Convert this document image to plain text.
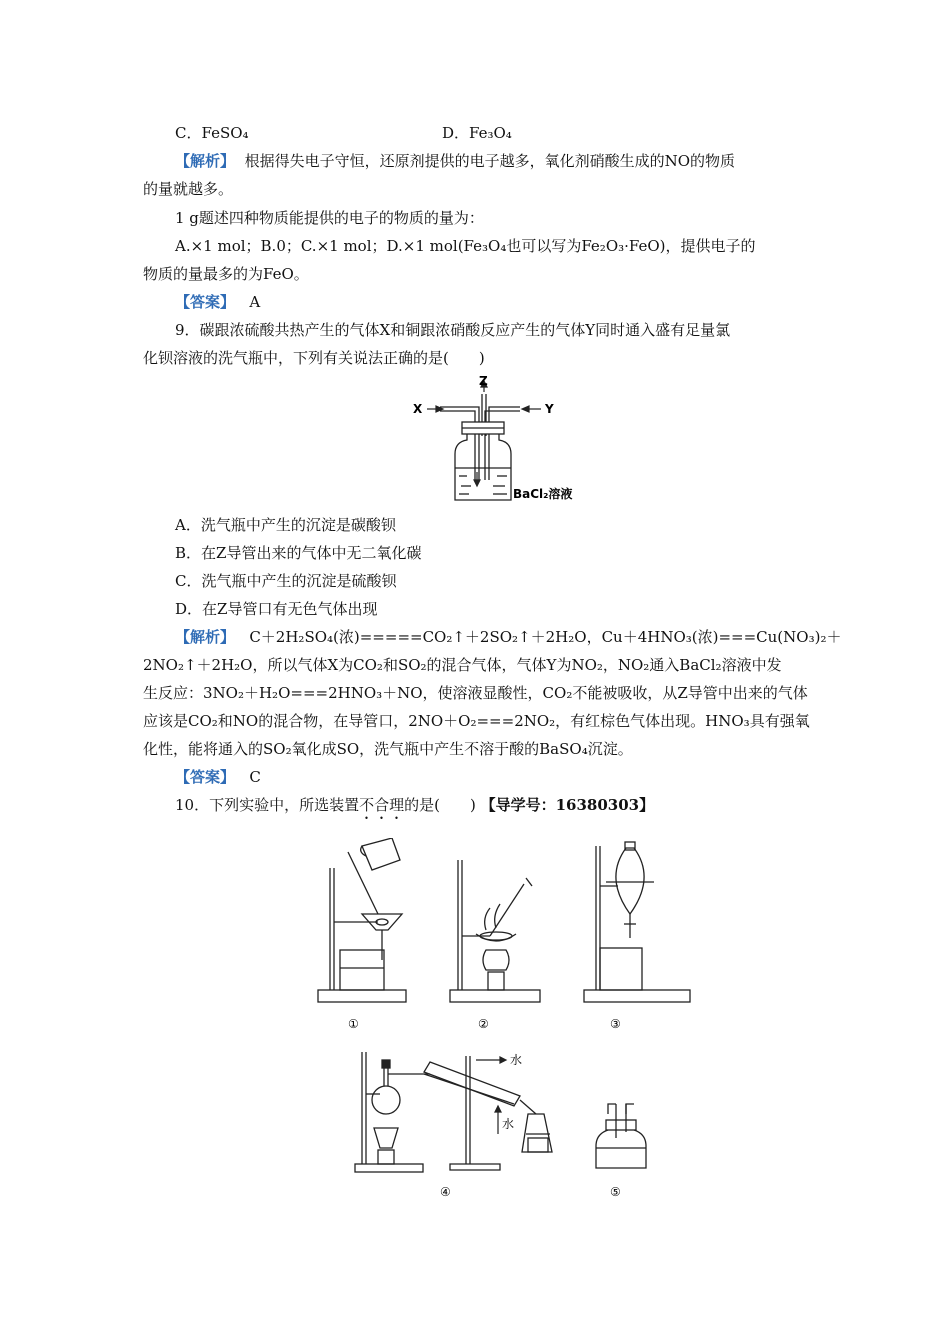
C．FeSO₄	D．Fe₃O₄
【解析】 根据得失电子守恒，还原剂提供的电子越多，氧化剂硝酸生成的NO的物质
的量就越多。
1 g题述四种物质能提供的电子的物质的量为：
A.×1 mol；B.0；C.×1 mol；D.×1 mol(Fe₃O₄也可以写为Fe₂O₃·FeO)，提供电子的
物质的量最多的为FeO。
【答案】 A
9．碳跟浓硫酸共热产生的气体X和铜跟浓硝酸反应产生的气体Y同时通入盛有足量氯
化钡溶液的洗气瓶中，下列有关说法正确的是(　　)
Z
X	Y
BaCl₂溶液
A．洗气瓶中产生的沉淀是碳酸钡
B．在Z导管出来的气体中无二氧化碳
C．洗气瓶中产生的沉淀是硫酸钡
D．在Z导管口有无色气体出现
【解析】 C＋2H₂SO₄(浓)=====CO₂↑＋2SO₂↑＋2H₂O，Cu＋4HNO₃(浓)===Cu(NO₃)₂＋
2NO₂↑＋2H₂O，所以气体X为CO₂和SO₂的混合气体，气体Y为NO₂，NO₂通入BaCl₂溶液中发
生反应：3NO₂＋H₂O===2HNO₃＋NO，使溶液显酸性，CO₂不能被吸收，从Z导管中出来的气体
应该是CO₂和NO的混合物，在导管口，2NO＋O₂===2NO₂，有红棕色气体出现。HNO₃具有强氧
化性，能将通入的SO₂氧化成SO，洗气瓶中产生不溶于酸的BaSO₄沉淀。
【答案】 C
10．下列实验中，所选装置不合理的是(　　) 【导学号：16380303】
①	②	③
④	⑤
水
水
